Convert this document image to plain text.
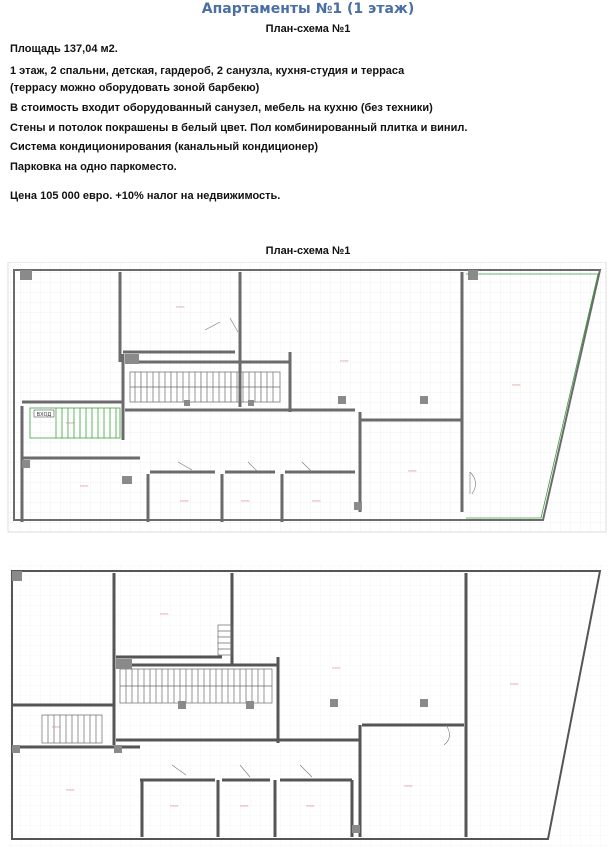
Апартаменты №1 (1 этаж)
План-схема №1
Площадь 137,04 м2.
1 этаж, 2 спальни, детская, гардероб, 2 санузла, кухня-студия и терраса
(террасу можно оборудовать зоной барбекю)
В стоимость входит оборудованный санузел, мебель на кухню (без техники)
Стены и потолок покрашены в белый цвет. Пол комбинированный плитка и винил.
Система кондиционирования (канальный кондиционер)
Парковка на одно паркоместо.
Цена 105 000 евро. +10% налог на недвижимость.
План-схема №1
ВХОД
▭▭▭
▭▭▭
▭▭▭
▭▭▭
▭▭▭
▭▭▭	▭▭▭	▭▭▭
▭▭▭
▭▭▭
▭▭▭
▭▭▭
▭▭▭
▭▭▭
▭▭▭	▭▭▭	▭▭▭
▭▭▭
